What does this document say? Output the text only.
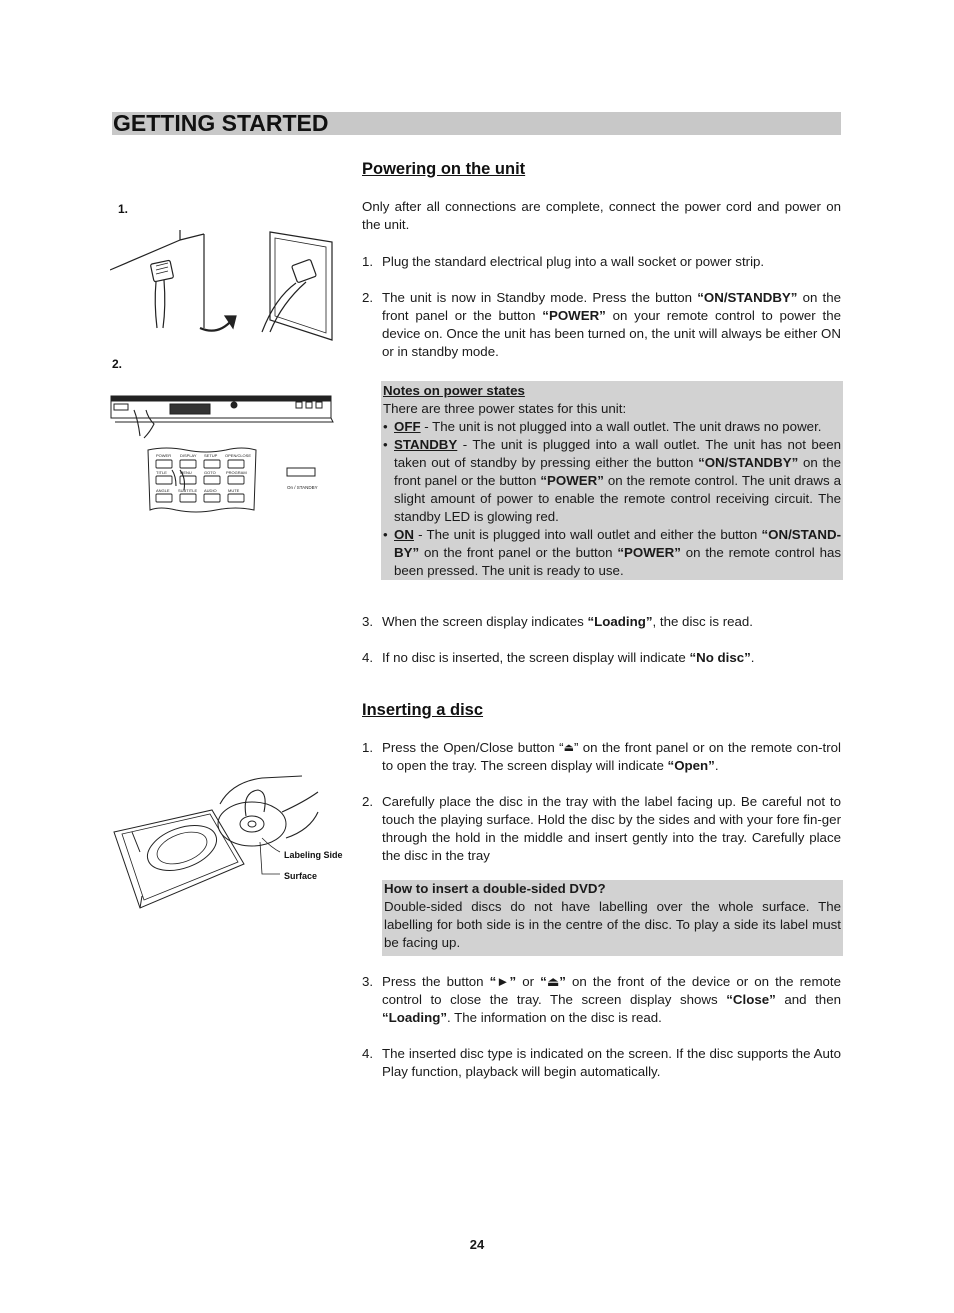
GETTING STARTED
1.
2.
POWER DISPLAY SETUP OPEN/CLOSE
TITLE	MENU	GOTO	PROGRAM
ANGLE SUBTITLE AUDIO	MUTE
On / STANDBY
Labeling Side
Surface
Powering on the unit

Only after all connections are complete, connect the power cord and power on the unit.

1. Plug the standard electrical plug into a wall socket or power strip.
2. The unit is now in Standby mode. Press the button “ON/STANDBY” on the front panel or the button “POWER” on your remote control to power the device on. Once the unit has been turned on, the unit will always be either ON or in standby mode.
Notes on power states
There are three power states for this unit:
• OFF - The unit is not plugged into a wall outlet. The unit draws no power.
• STANDBY - The unit is plugged into a wall outlet. The unit has not been taken out of standby by pressing either the button “ON/STANDBY” on the front panel or the button “POWER” on the remote control. The unit draws a slight amount of power to enable the remote control receiving circuit. The standby LED is glowing red.
• ON - The unit is plugged into wall outlet and either the button “ON/STAND-BY” on the front panel or the button “POWER” on the remote control has been pressed. The unit is ready to use.
3. When the screen display indicates “Loading”, the disc is read.
4. If no disc is inserted, the screen display will indicate “No disc”.
Inserting a disc
1. Press the Open/Close button “⏏” on the front panel or on the remote con-trol to open the tray. The screen display will indicate “Open”.
2. Carefully place the disc in the tray with the label facing up. Be careful not to touch the playing surface. Hold the disc by the sides and with your fore fin-ger through the hold in the middle and insert gently into the tray. Carefully place the disc in the tray
How to insert a double-sided DVD?
Double-sided discs do not have labelling over the whole surface. The labelling for both side is in the centre of the disc. To play a side its label must be facing up.
3. Press the button “►” or “⏏” on the front of the device or on the remote control to close the tray. The screen display shows “Close” and then “Loading”. The information on the disc is read.
4. The inserted disc type is indicated on the screen. If the disc supports the Auto Play function, playback will begin automatically.
24
